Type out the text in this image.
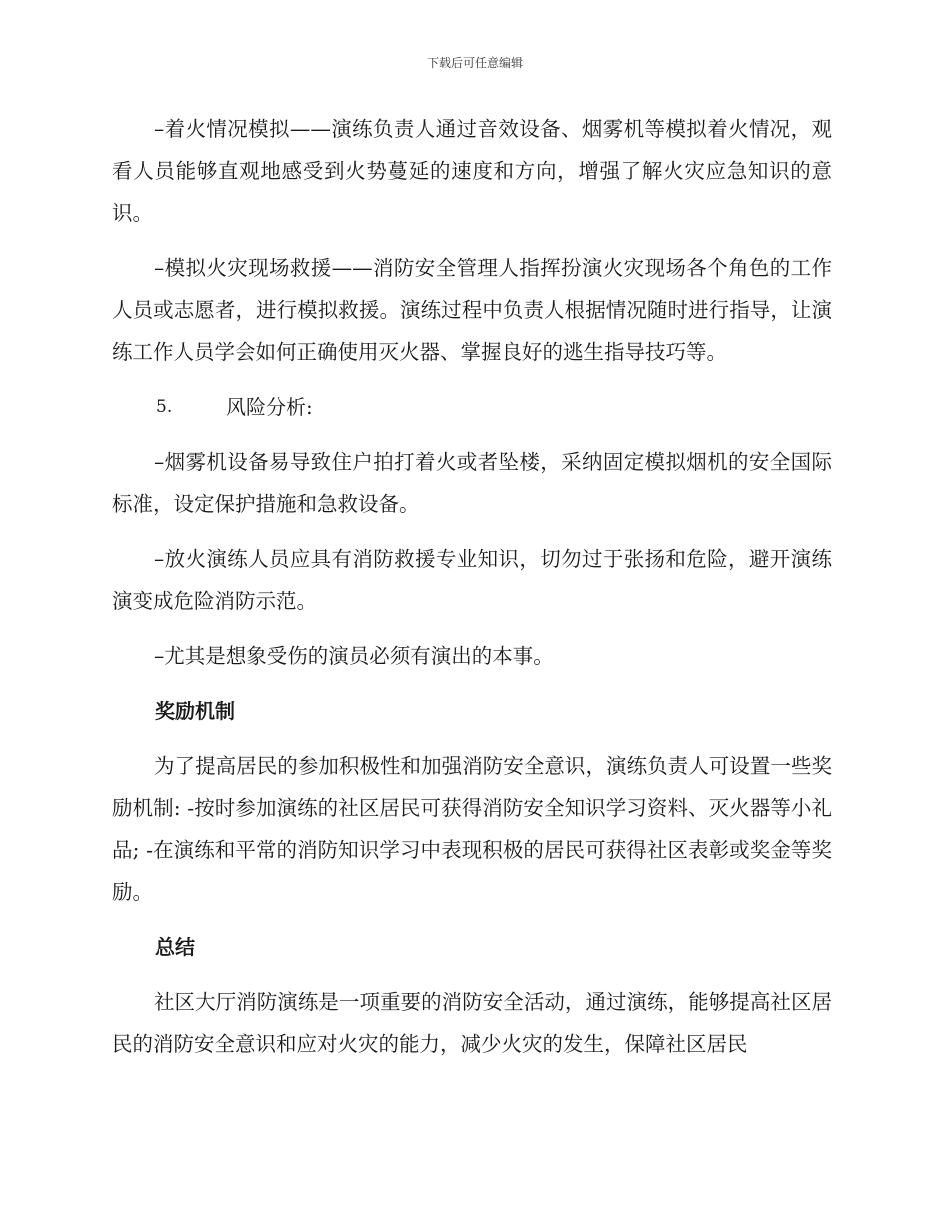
下载后可任意编辑

–着火情况模拟——演练负责人通过音效设备、烟雾机等模拟着火情况，观看人员能够直观地感受到火势蔓延的速度和方向，增强了解火灾应急知识的意识。

–模拟火灾现场救援——消防安全管理人指挥扮演火灾现场各个角色的工作人员或志愿者，进行模拟救援。演练过程中负责人根据情况随时进行指导，让演练工作人员学会如何正确使用灭火器、掌握良好的逃生指导技巧等。

5.	风险分析:

–烟雾机设备易导致住户拍打着火或者坠楼，采纳固定模拟烟机的安全国际标准，设定保护措施和急救设备。

–放火演练人员应具有消防救援专业知识，切勿过于张扬和危险，避开演练演变成危险消防示范。

–尤其是想象受伤的演员必须有演出的本事。

奖励机制

为了提高居民的参加积极性和加强消防安全意识，演练负责人可设置一些奖励机制: -按时参加演练的社区居民可获得消防安全知识学习资料、灭火器等小礼品; -在演练和平常的消防知识学习中表现积极的居民可获得社区表彰或奖金等奖励。

总结

社区大厅消防演练是一项重要的消防安全活动，通过演练，能够提高社区居民的消防安全意识和应对火灾的能力，减少火灾的发生，保障社区居民
